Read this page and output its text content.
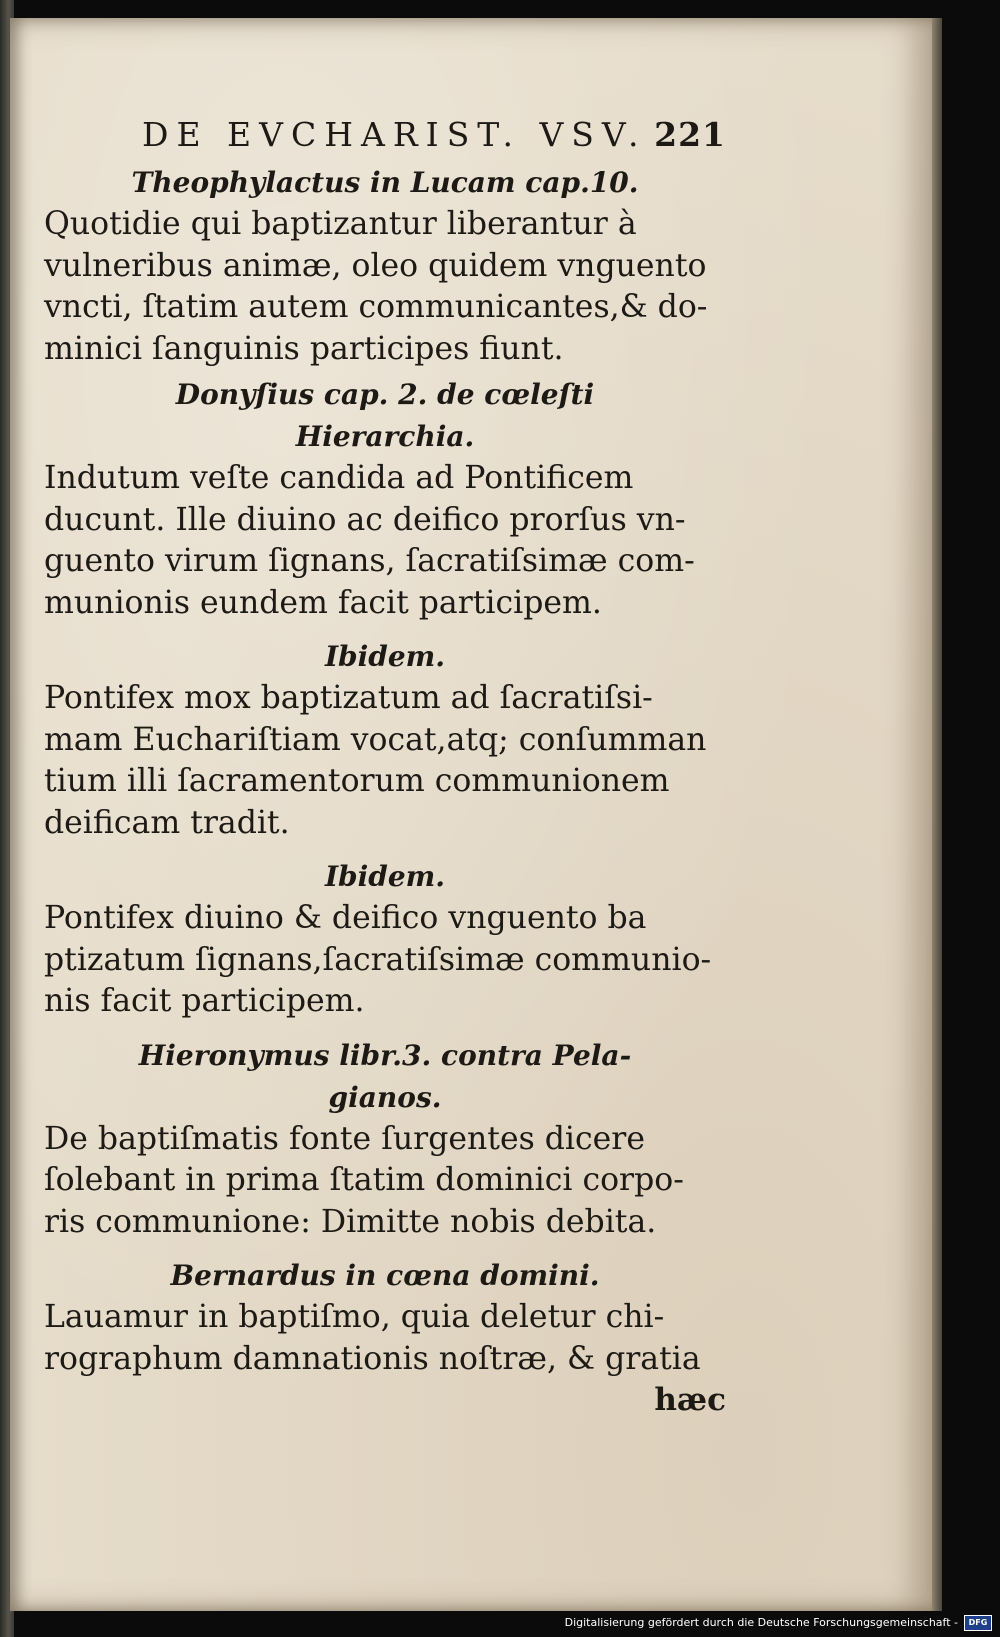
DE EVCHARIST. VSV. 221
Theophylactus in Lucam cap.10.

Quotidie qui baptizantur liberantur à
vulneribus animæ, oleo quidem vnguento
vncti, ſtatim autem communicantes,& do-
minici ſanguinis participes fiunt.

Donyſius cap. 2. de cœleſti
Hierarchia.

Indutum veſte candida ad Pontificem
ducunt. Ille diuino ac deifico prorſus vn-
guento virum ſignans, ſacratiſsimæ com-
munionis eundem facit participem.

Ibidem.

Pontifex mox baptizatum ad ſacratiſsi-
mam Euchariſtiam vocat,atq; conſumman
tium illi ſacramentorum communionem
deificam tradit.

Ibidem.

Pontifex diuino & deifico vnguento ba
ptizatum ſignans,ſacratiſsimæ communio-
nis facit participem.

Hieronymus libr.3. contra Pela-
gianos.

De baptiſmatis fonte ſurgentes dicere
ſolebant in prima ſtatim dominici corpo-
ris communione: Dimitte nobis debita.

Bernardus in cœna domini.

Lauamur in baptiſmo, quia deletur chi-
rographum damnationis noſtræ, & gratia

hæc
Digitalisierung gefördert durch die Deutsche Forschungsgemeinschaft -	DFG
